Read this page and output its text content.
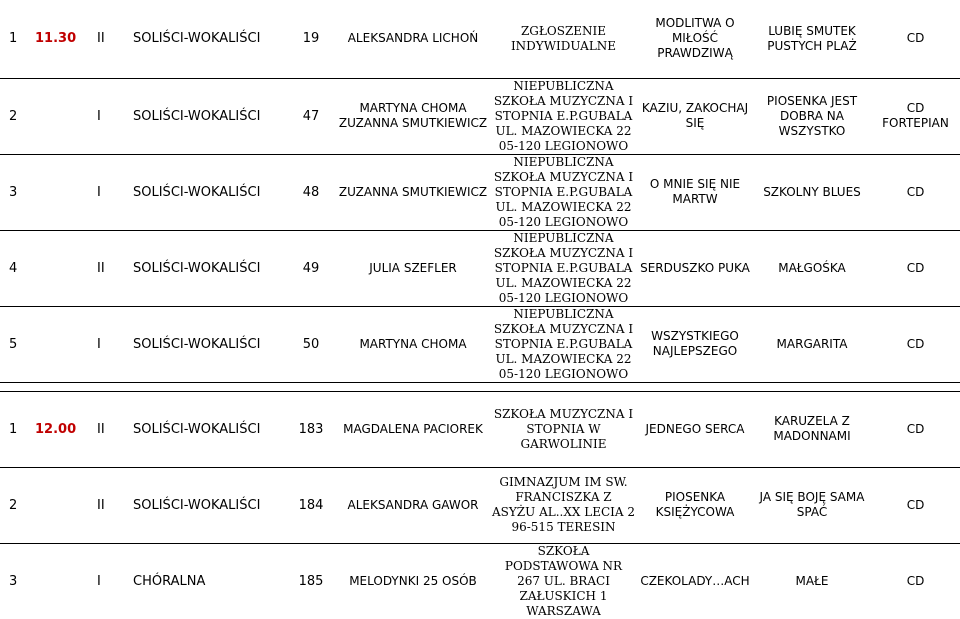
1	11.30	II	SOLIŚCI-WOKALIŚCI	19	ALEKSANDRA LICHOŃ	ZGŁOSZENIE INDYWIDUALNE	MODLITWA O MIŁOŚĆ PRAWDZIWĄ	LUBIĘ SMUTEK PUSTYCH PLAŻ	CD
2		I	SOLIŚCI-WOKALIŚCI	47	MARTYNA CHOMA ZUZANNA SMUTKIEWICZ	NIEPUBLICZNA SZKOŁA MUZYCZNA I STOPNIA E.P.GUBALA UL. MAZOWIECKA 22 05-120 LEGIONOWO	KAZIU, ZAKOCHAJ SIĘ	PIOSENKA JEST DOBRA NA WSZYSTKO	CD FORTEPIAN
3		I	SOLIŚCI-WOKALIŚCI	48	ZUZANNA SMUTKIEWICZ	NIEPUBLICZNA SZKOŁA MUZYCZNA I STOPNIA E.P.GUBALA UL. MAZOWIECKA 22 05-120 LEGIONOWO	O MNIE SIĘ NIE MARTW	SZKOLNY BLUES	CD
4		II	SOLIŚCI-WOKALIŚCI	49	JULIA SZEFLER	NIEPUBLICZNA SZKOŁA MUZYCZNA I STOPNIA E.P.GUBALA UL. MAZOWIECKA 22 05-120 LEGIONOWO	SERDUSZKO PUKA	MAŁGOŚKA	CD
5		I	SOLIŚCI-WOKALIŚCI	50	MARTYNA CHOMA	NIEPUBLICZNA SZKOŁA MUZYCZNA I STOPNIA E.P.GUBALA UL. MAZOWIECKA 22 05-120 LEGIONOWO	WSZYSTKIEGO NAJLEPSZEGO	MARGARITA	CD

1	12.00	II	SOLIŚCI-WOKALIŚCI	183	MAGDALENA PACIOREK	SZKOŁA MUZYCZNA I STOPNIA W GARWOLINIE	JEDNEGO SERCA	KARUZELA Z MADONNAMI	CD
2		II	SOLIŚCI-WOKALIŚCI	184	ALEKSANDRA GAWOR	GIMNAZJUM IM SW. FRANCISZKA Z ASYŻU AL..XX LECIA 2 96-515 TERESIN	PIOSENKA KSIĘŻYCOWA	JA SIĘ BOJĘ SAMA SPAĆ	CD
3		I	CHÓRALNA	185	MELODYNKI 25 OSÓB	SZKOŁA PODSTAWOWA NR 267 UL. BRACI ZAŁUSKICH 1 WARSZAWA	CZEKOLADY…ACH	MAŁE	CD
